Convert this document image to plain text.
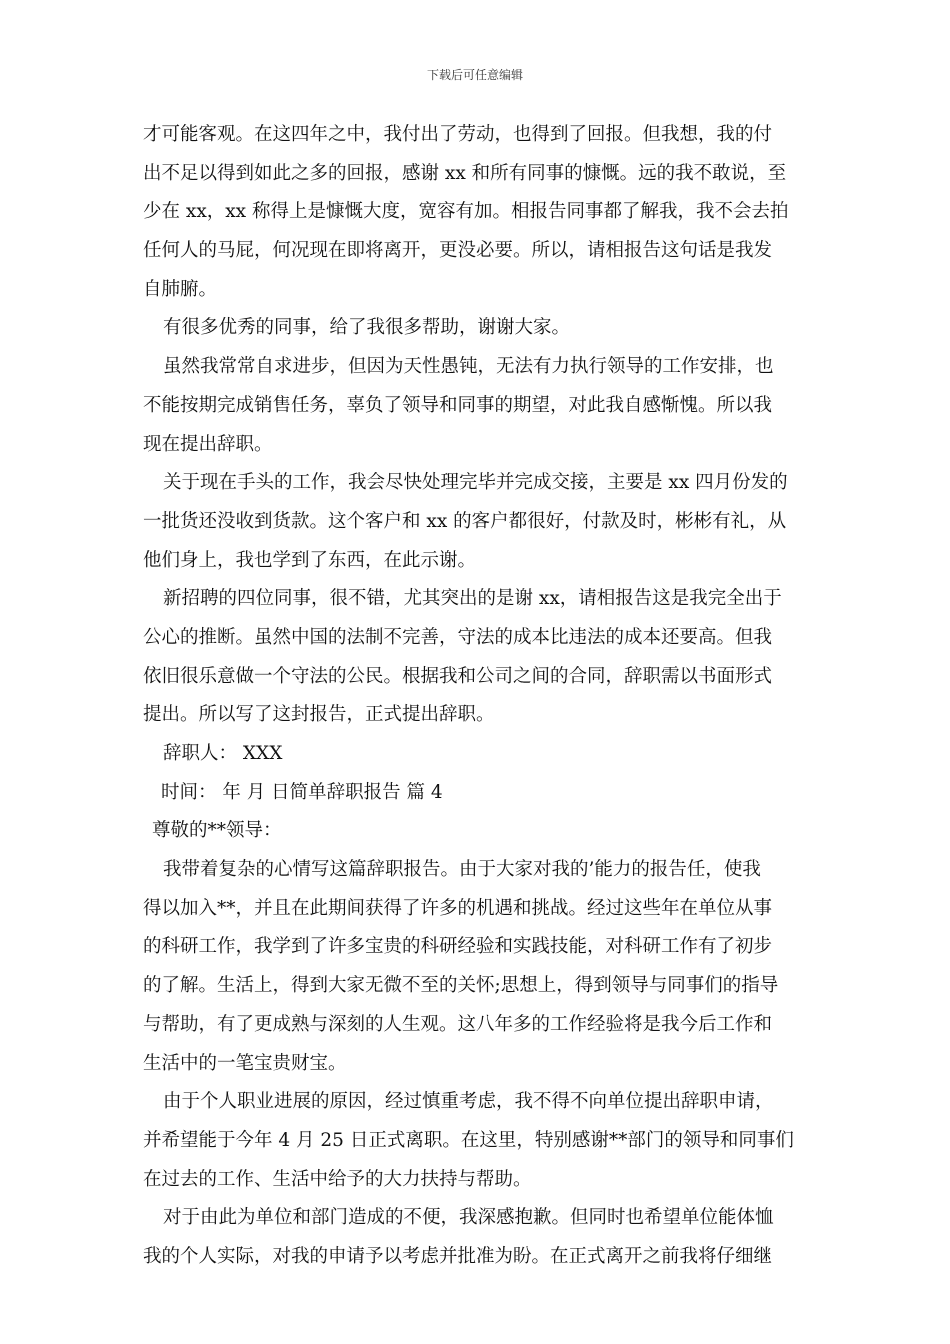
下载后可任意编辑
才可能客观。在这四年之中，我付出了劳动，也得到了回报。但我想，我的付
出不足以得到如此之多的回报，感谢 xx 和所有同事的慷慨。远的我不敢说，至
少在 xx，xx 称得上是慷慨大度，宽容有加。相报告同事都了解我，我不会去拍
任何人的马屁，何况现在即将离开，更没必要。所以，请相报告这句话是我发
自肺腑。
有很多优秀的同事，给了我很多帮助，谢谢大家。
虽然我常常自求进步，但因为天性愚钝，无法有力执行领导的工作安排，也
不能按期完成销售任务，辜负了领导和同事的期望，对此我自感惭愧。所以我
现在提出辞职。
关于现在手头的工作，我会尽快处理完毕并完成交接，主要是 xx 四月份发的
一批货还没收到货款。这个客户和 xx 的客户都很好，付款及时，彬彬有礼，从
他们身上，我也学到了东西，在此示谢。
新招聘的四位同事，很不错，尤其突出的是谢 xx，请相报告这是我完全出于
公心的推断。虽然中国的法制不完善，守法的成本比违法的成本还要高。但我
依旧很乐意做一个守法的公民。根据我和公司之间的合同，辞职需以书面形式
提出。所以写了这封报告，正式提出辞职。
辞职人： XXX
时间： 年 月 日简单辞职报告 篇 4
尊敬的**领导：
我带着复杂的心情写这篇辞职报告。由于大家对我的’能力的报告任，使我
得以加入**，并且在此期间获得了许多的机遇和挑战。经过这些年在单位从事
的科研工作，我学到了许多宝贵的科研经验和实践技能，对科研工作有了初步
的了解。生活上，得到大家无微不至的关怀;思想上，得到领导与同事们的指导
与帮助，有了更成熟与深刻的人生观。这八年多的工作经验将是我今后工作和
生活中的一笔宝贵财宝。
由于个人职业进展的原因，经过慎重考虑，我不得不向单位提出辞职申请，
并希望能于今年 4 月 25 日正式离职。在这里，特别感谢**部门的领导和同事们
在过去的工作、生活中给予的大力扶持与帮助。
对于由此为单位和部门造成的不便，我深感抱歉。但同时也希望单位能体恤
我的个人实际，对我的申请予以考虑并批准为盼。在正式离开之前我将仔细继
